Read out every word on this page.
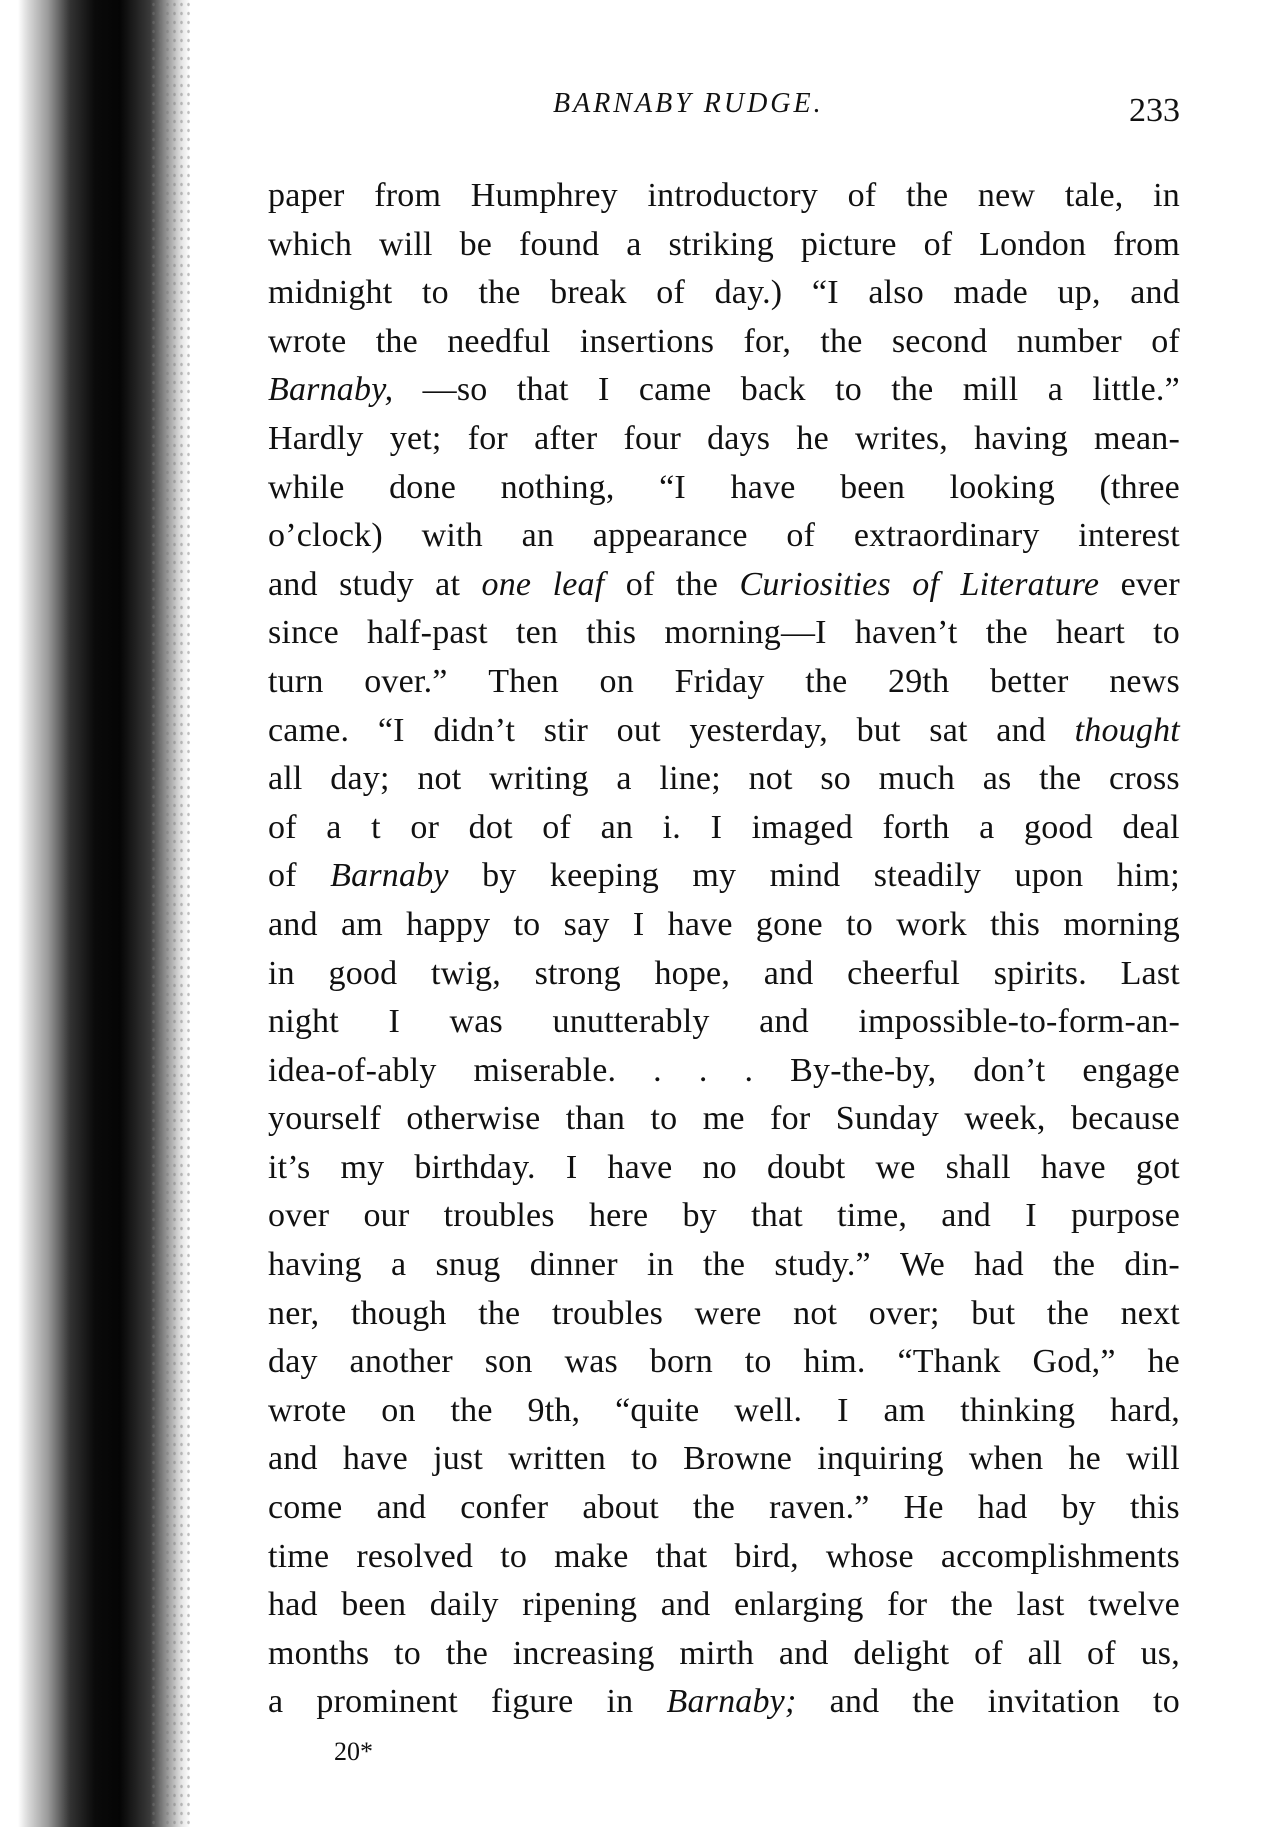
BARNABY RUDGE.	233
paper from Humphrey introductory of the new tale, in
which will be found a striking picture of London from
midnight to the break of day.) “I also made up, and
wrote the needful insertions for, the second number of
Barnaby, —so that I came back to the mill a little.”
Hardly yet; for after four days he writes, having mean-
while done nothing, “I have been looking (three
o’clock) with an appearance of extraordinary interest
and study at one leaf of the Curiosities of Literature ever
since half-past ten this morning—I haven’t the heart to
turn over.” Then on Friday the 29th better news
came. “I didn’t stir out yesterday, but sat and thought
all day; not writing a line; not so much as the cross
of a t or dot of an i. I imaged forth a good deal
of Barnaby by keeping my mind steadily upon him;
and am happy to say I have gone to work this morning
in good twig, strong hope, and cheerful spirits. Last
night I was unutterably and impossible-to-form-an-
idea-of-ably miserable. . . . By-the-by, don’t engage
yourself otherwise than to me for Sunday week, because
it’s my birthday. I have no doubt we shall have got
over our troubles here by that time, and I purpose
having a snug dinner in the study.” We had the din-
ner, though the troubles were not over; but the next
day another son was born to him. “Thank God,” he
wrote on the 9th, “quite well. I am thinking hard,
and have just written to Browne inquiring when he will
come and confer about the raven.” He had by this
time resolved to make that bird, whose accomplishments
had been daily ripening and enlarging for the last twelve
months to the increasing mirth and delight of all of us,
a prominent figure in Barnaby; and the invitation to
20*
